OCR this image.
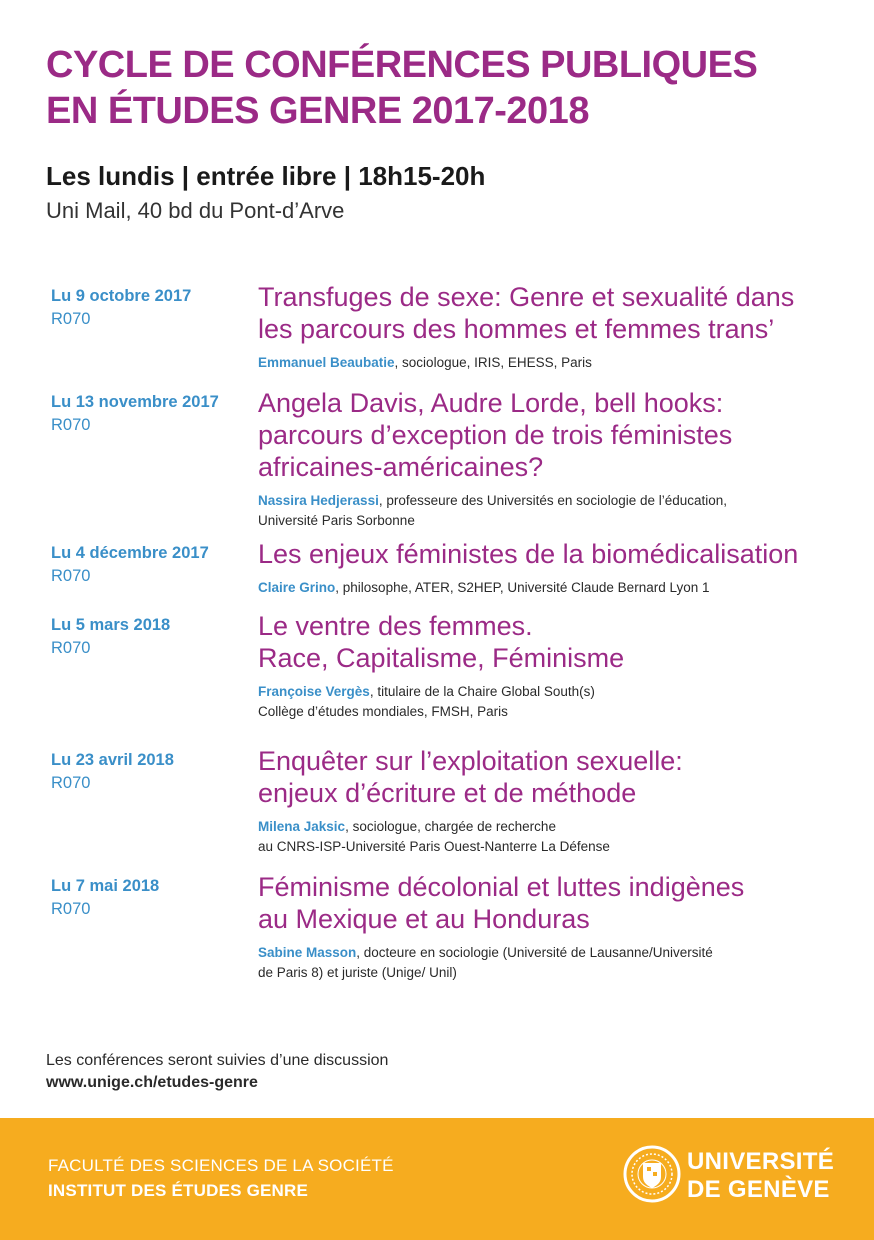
CYCLE DE CONFÉRENCES PUBLIQUES
EN ÉTUDES GENRE 2017-2018
Les lundis | entrée libre | 18h15-20h
Uni Mail, 40 bd du Pont-d’Arve
Lu 9 octobre 2017
R070
Transfuges de sexe: Genre et sexualité dans
les parcours des hommes et femmes trans’
Emmanuel Beaubatie, sociologue, IRIS, EHESS, Paris
Lu 13 novembre 2017
R070
Angela Davis, Audre Lorde, bell hooks:
parcours d’exception de trois féministes
africaines-américaines?
Nassira Hedjerassi, professeure des Universités en sociologie de l’éducation,
Université Paris Sorbonne
Lu 4 décembre 2017
R070
Les enjeux féministes de la biomédicalisation
Claire Grino, philosophe, ATER, S2HEP, Université Claude Bernard Lyon 1
Lu 5 mars 2018
R070
Le ventre des femmes.
Race, Capitalisme, Féminisme
Françoise Vergès, titulaire de la Chaire Global South(s)
Collège d’études mondiales, FMSH, Paris
Lu 23 avril 2018
R070
Enquêter sur l’exploitation sexuelle:
enjeux d’écriture et de méthode
Milena Jaksic, sociologue, chargée de recherche
au CNRS-ISP-Université Paris Ouest-Nanterre La Défense
Lu 7 mai 2018
R070
Féminisme décolonial et luttes indigènes
au Mexique et au Honduras
Sabine Masson, docteure en sociologie (Université de Lausanne/Université
de Paris 8) et juriste (Unige/ Unil)
Les conférences seront suivies d’une discussion
www.unige.ch/etudes-genre
FACULTÉ DES SCIENCES DE LA SOCIÉTÉ
INSTITUT DES ÉTUDES GENRE
UNIVERSITÉ
DE GENÈVE
